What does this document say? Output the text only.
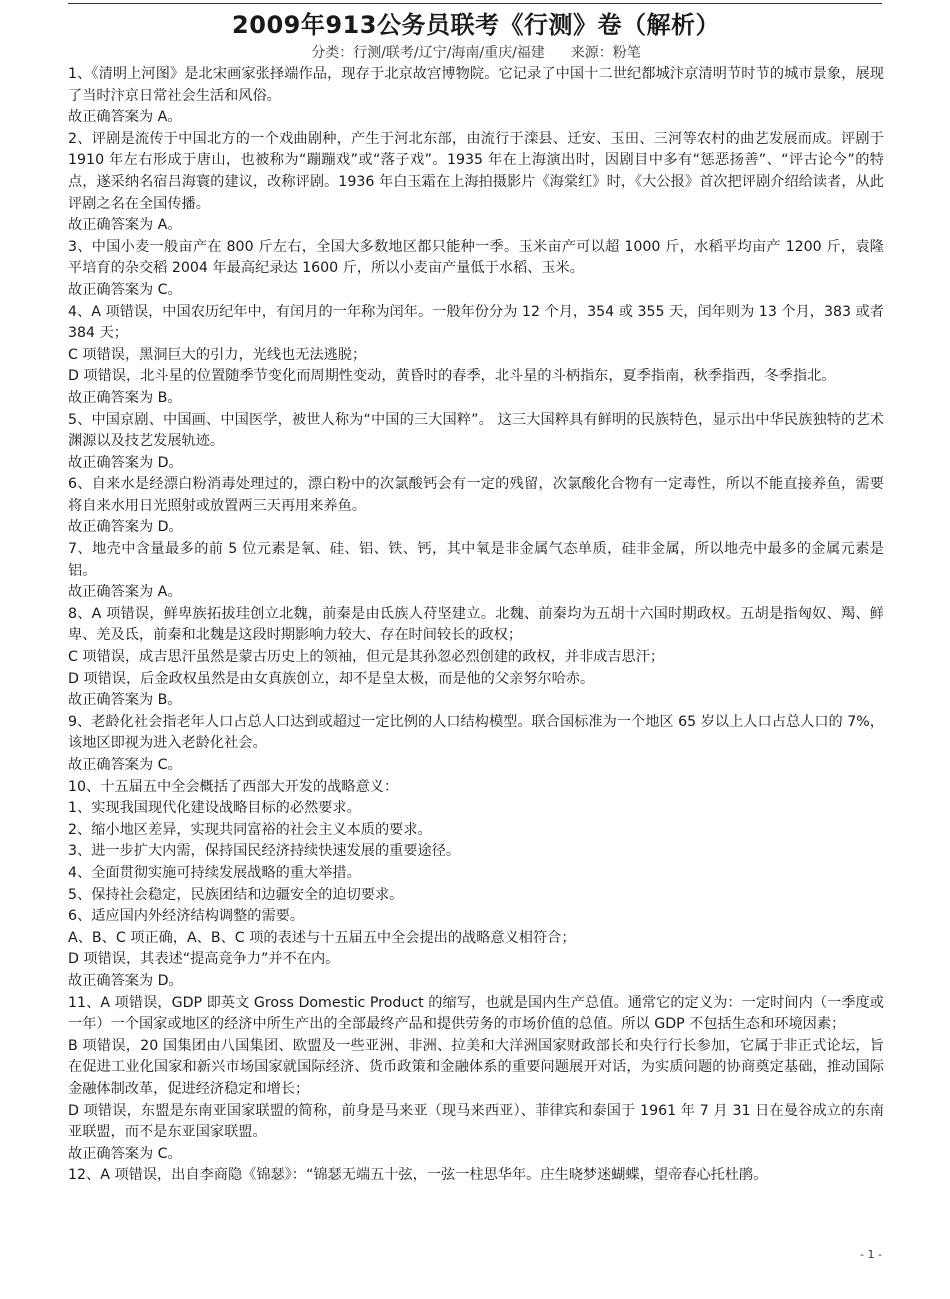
2009年913公务员联考《行测》卷（解析）
分类：行测/联考/辽宁/海南/重庆/福建 来源：粉笔

1、《清明上河图》是北宋画家张择端作品，现存于北京故宫博物院。它记录了中国十二世纪都城汴京清明节时节的城市景象，展现了当时汴京日常社会生活和风俗。

故正确答案为 A。

2、评剧是流传于中国北方的一个戏曲剧种，产生于河北东部，由流行于滦县、迁安、玉田、三河等农村的曲艺发展而成。评剧于 1910 年左右形成于唐山，也被称为“蹦蹦戏”或“落子戏”。1935 年在上海演出时，因剧目中多有“惩恶扬善”、“评古论今”的特点，遂采纳名宿吕海寰的建议，改称评剧。1936 年白玉霜在上海拍摄影片《海棠红》时，《大公报》首次把评剧介绍给读者，从此评剧之名在全国传播。

故正确答案为 A。

3、中国小麦一般亩产在 800 斤左右，全国大多数地区都只能种一季。玉米亩产可以超 1000 斤，水稻平均亩产 1200 斤，袁隆平培育的杂交稻 2004 年最高纪录达 1600 斤，所以小麦亩产量低于水稻、玉米。

故正确答案为 C。

4、A 项错误，中国农历纪年中，有闰月的一年称为闰年。一般年份分为 12 个月，354 或 355 天，闰年则为 13 个月，383 或者 384 天；

C 项错误，黑洞巨大的引力，光线也无法逃脱；

D 项错误，北斗星的位置随季节变化而周期性变动，黄昏时的春季，北斗星的斗柄指东，夏季指南，秋季指西，冬季指北。

故正确答案为 B。

5、中国京剧、中国画、中国医学，被世人称为“中国的三大国粹”。 这三大国粹具有鲜明的民族特色，显示出中华民族独特的艺术渊源以及技艺发展轨迹。

故正确答案为 D。

6、自来水是经漂白粉消毒处理过的，漂白粉中的次氯酸钙会有一定的残留，次氯酸化合物有一定毒性，所以不能直接养鱼，需要将自来水用日光照射或放置两三天再用来养鱼。

故正确答案为 D。

7、地壳中含量最多的前 5 位元素是氧、硅、铝、铁、钙，其中氧是非金属气态单质，硅非金属，所以地壳中最多的金属元素是铝。

故正确答案为 A。

8、A 项错误，鲜卑族拓拔珪创立北魏，前秦是由氐族人苻坚建立。北魏、前秦均为五胡十六国时期政权。五胡是指匈奴、羯、鲜卑、羌及氐，前秦和北魏是这段时期影响力较大、存在时间较长的政权；

C 项错误，成吉思汗虽然是蒙古历史上的领袖，但元是其孙忽必烈创建的政权，并非成吉思汗；

D 项错误，后金政权虽然是由女真族创立，却不是皇太极，而是他的父亲努尔哈赤。

故正确答案为 B。

9、老龄化社会指老年人口占总人口达到或超过一定比例的人口结构模型。联合国标准为一个地区 65 岁以上人口占总人口的 7%，该地区即视为进入老龄化社会。

故正确答案为 C。

10、十五届五中全会概括了西部大开发的战略意义：

1、实现我国现代化建设战略目标的必然要求。

2、缩小地区差异，实现共同富裕的社会主义本质的要求。

3、进一步扩大内需，保持国民经济持续快速发展的重要途径。

4、全面贯彻实施可持续发展战略的重大举措。

5、保持社会稳定，民族团结和边疆安全的迫切要求。

6、适应国内外经济结构调整的需要。

A、B、C 项正确，A、B、C 项的表述与十五届五中全会提出的战略意义相符合；

D 项错误，其表述“提高竞争力”并不在内。

故正确答案为 D。

11、A 项错误，GDP 即英文 Gross Domestic Product 的缩写，也就是国内生产总值。通常它的定义为：一定时间内（一季度或一年）一个国家或地区的经济中所生产出的全部最终产品和提供劳务的市场价值的总值。所以 GDP 不包括生态和环境因素；

B 项错误，20 国集团由八国集团、欧盟及一些亚洲、非洲、拉美和大洋洲国家财政部长和央行行长参加，它属于非正式论坛，旨在促进工业化国家和新兴市场国家就国际经济、货币政策和金融体系的重要问题展开对话，为实质问题的协商奠定基础，推动国际金融体制改革，促进经济稳定和增长；

D 项错误，东盟是东南亚国家联盟的简称，前身是马来亚（现马来西亚）、菲律宾和泰国于 1961 年 7 月 31 日在曼谷成立的东南亚联盟，而不是东亚国家联盟。

故正确答案为 C。

12、A 项错误，出自李商隐《锦瑟》：“锦瑟无端五十弦，一弦一柱思华年。庄生晓梦迷蝴蝶，望帝春心托杜鹃。

- 1 -
